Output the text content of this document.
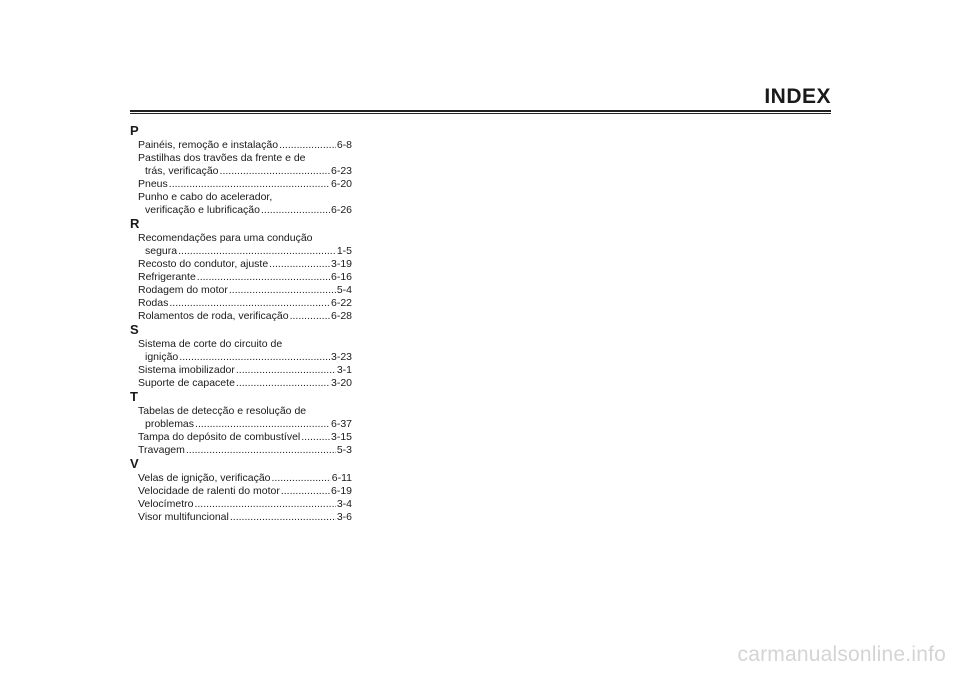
INDEX
P
Painéis, remoção e instalação .....	6-8
Pastilhas dos travões da frente e de
trás, verificação .....	6-23
Pneus .....	6-20
Punho e cabo do acelerador,
verificação e lubrificação .....	6-26
R
Recomendações para uma condução
segura .....	1-5
Recosto do condutor, ajuste .....	3-19
Refrigerante .....	6-16
Rodagem do motor .....	5-4
Rodas .....	6-22
Rolamentos de roda, verificação .....	6-28
S
Sistema de corte do circuito de
ignição .....	3-23
Sistema imobilizador .....	3-1
Suporte de capacete .....	3-20
T
Tabelas de detecção e resolução de
problemas .....	6-37
Tampa do depósito de combustível .....	3-15
Travagem .....	5-3
V
Velas de ignição, verificação .....	6-11
Velocidade de ralenti do motor .....	6-19
Velocímetro .....	3-4
Visor multifuncional .....	3-6
carmanualsonline.info
